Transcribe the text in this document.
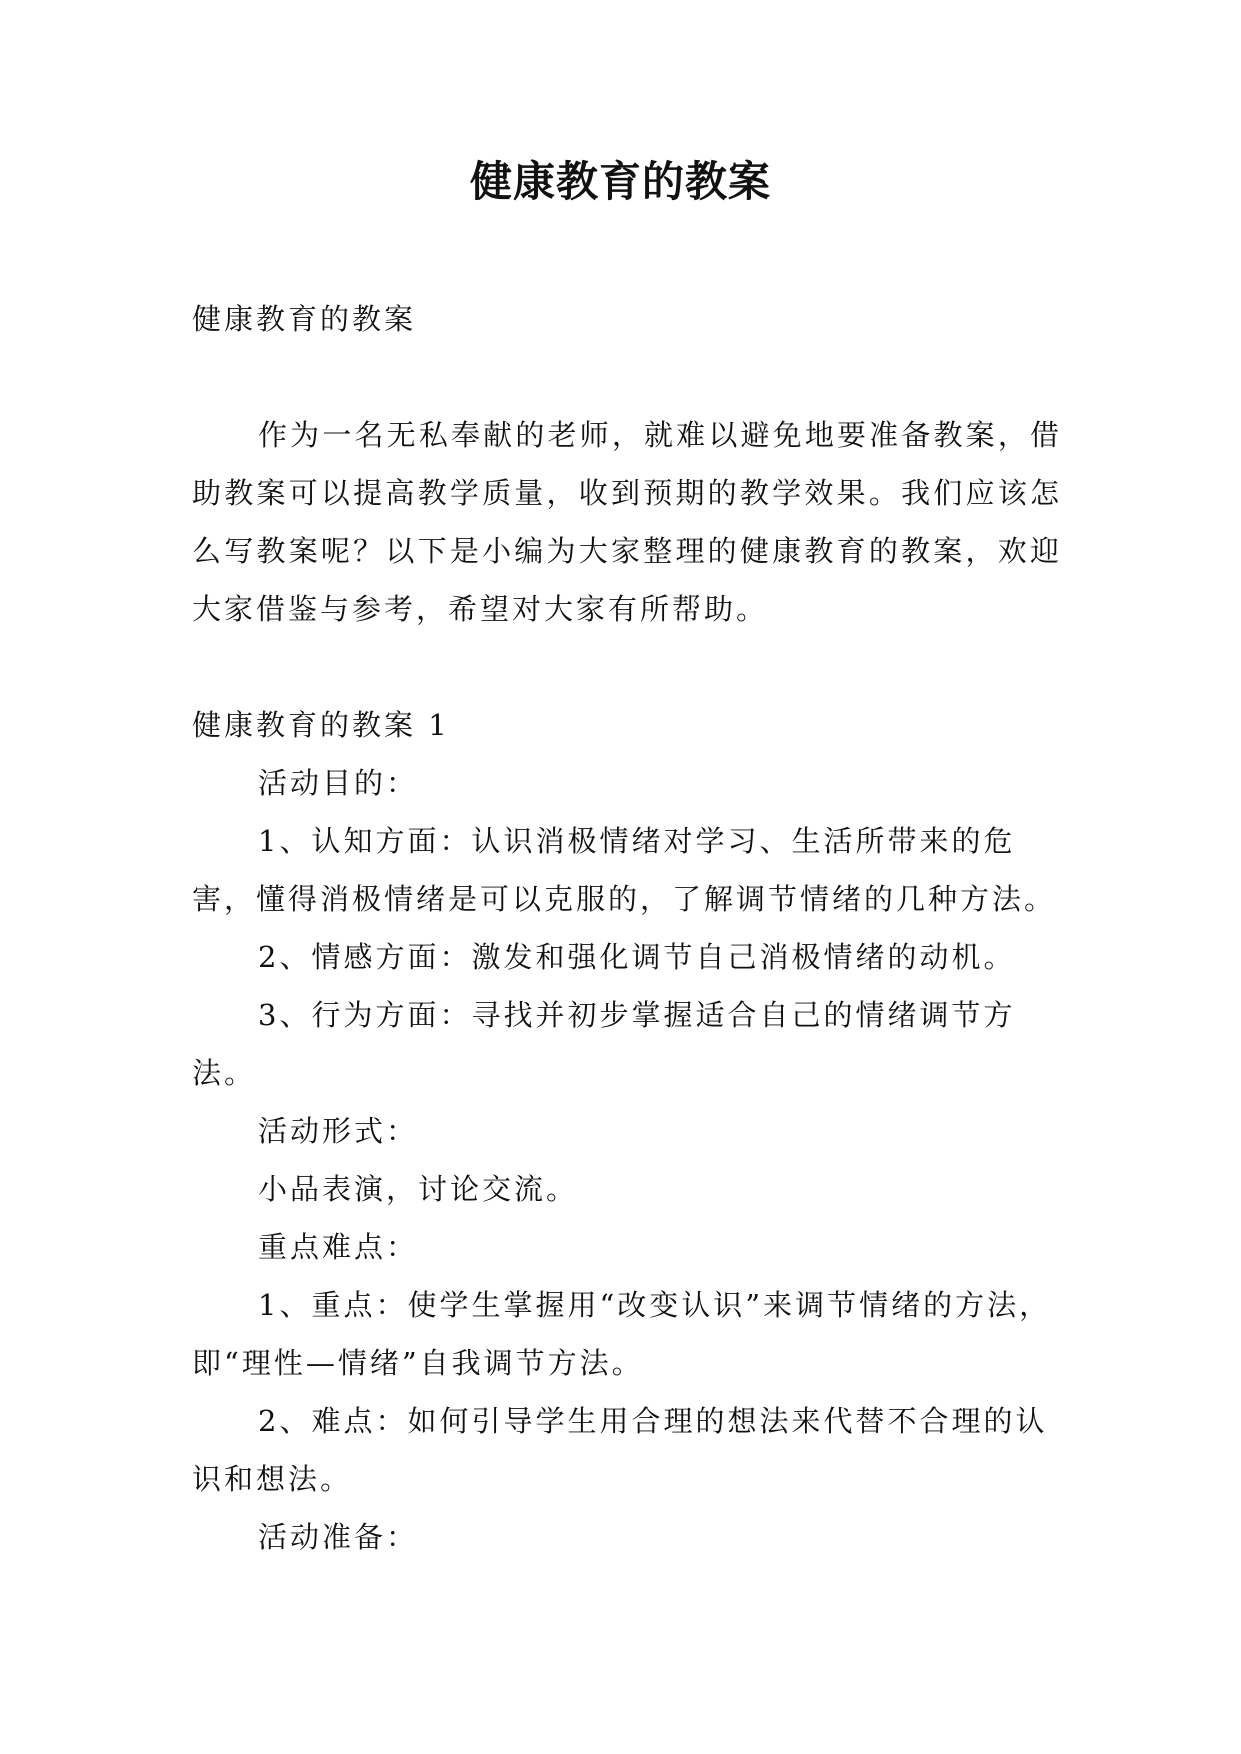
健康教育的教案

健康教育的教案

作为一名无私奉献的老师，就难以避免地要准备教案，借助教案可以提高教学质量，收到预期的教学效果。我们应该怎么写教案呢？以下是小编为大家整理的健康教育的教案，欢迎大家借鉴与参考，希望对大家有所帮助。

健康教育的教案 1

活动目的：

1、认知方面：认识消极情绪对学习、生活所带来的危害，懂得消极情绪是可以克服的，了解调节情绪的几种方法。

2、情感方面：激发和强化调节自己消极情绪的动机。

3、行为方面：寻找并初步掌握适合自己的情绪调节方法。

活动形式：

小品表演，讨论交流。

重点难点：

1、重点：使学生掌握用“改变认识”来调节情绪的方法，即“理性—情绪”自我调节方法。

2、难点：如何引导学生用合理的想法来代替不合理的认识和想法。

活动准备：
